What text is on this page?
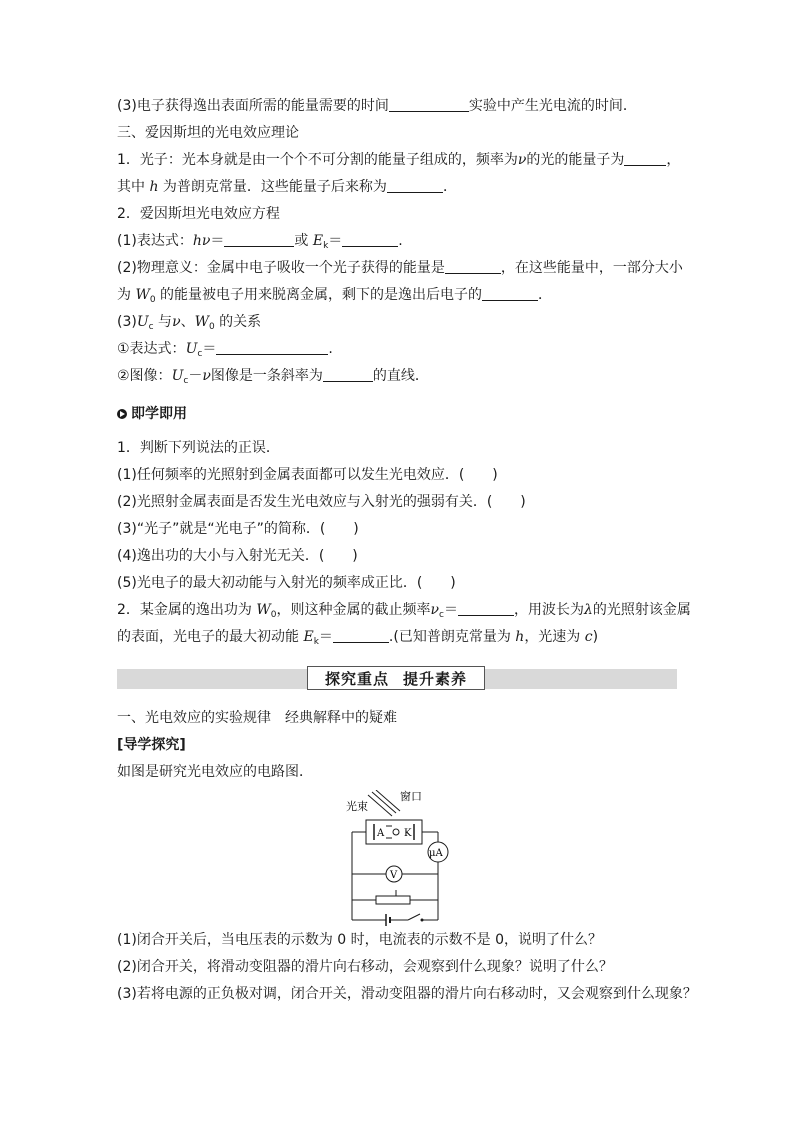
(3)电子获得逸出表面所需的能量需要的时间	实验中产生光电流的时间．

三、爱因斯坦的光电效应理论

1．光子：光本身就是由一个个不可分割的能量子组成的，频率为ν的光的能量子为	，

其中 h 为普朗克常量．这些能量子后来称为	．

2．爱因斯坦光电效应方程

(1)表达式：hν＝	或 $E_k=$	.

(2)物理意义：金属中电子吸收一个光子获得的能量是	，在这些能量中，一部分大小

为 $W_0$ 的能量被电子用来脱离金属，剩下的是逸出后电子的	．

$(3)U_c$ 与ν、$W_0$ 的关系

①表达式：$U_c=$	.

②图像：$U_c-\nu$图像是一条斜率为	的直线．

即学即用

1．判断下列说法的正误．

(1)任何频率的光照射到金属表面都可以发生光电效应．(　　)

(2)光照射金属表面是否发生光电效应与入射光的强弱有关．(　　)

(3)“光子”就是“光电子”的简称．(　　)

(4)逸出功的大小与入射光无关．(　　)

(5)光电子的最大初动能与入射光的频率成正比．(　　)

2．某金属的逸出功为 $W_0$，则这种金属的截止频率$\nu_c=$	，用波长为λ的光照射该金属

的表面，光电子的最大初动能 $E_k=$	.(已知普朗克常量为 h，光速为 c)

探究重点 提升素养

一、光电效应的实验规律　经典解释中的疑难

[导学探究]

如图是研究光电效应的电路图．

光束
窗口
A K
μA
V

(1)闭合开关后，当电压表的示数为 0 时，电流表的示数不是 0，说明了什么？

(2)闭合开关，将滑动变阻器的滑片向右移动，会观察到什么现象？说明了什么？

(3)若将电源的正负极对调，闭合开关，滑动变阻器的滑片向右移动时，又会观察到什么现象？
